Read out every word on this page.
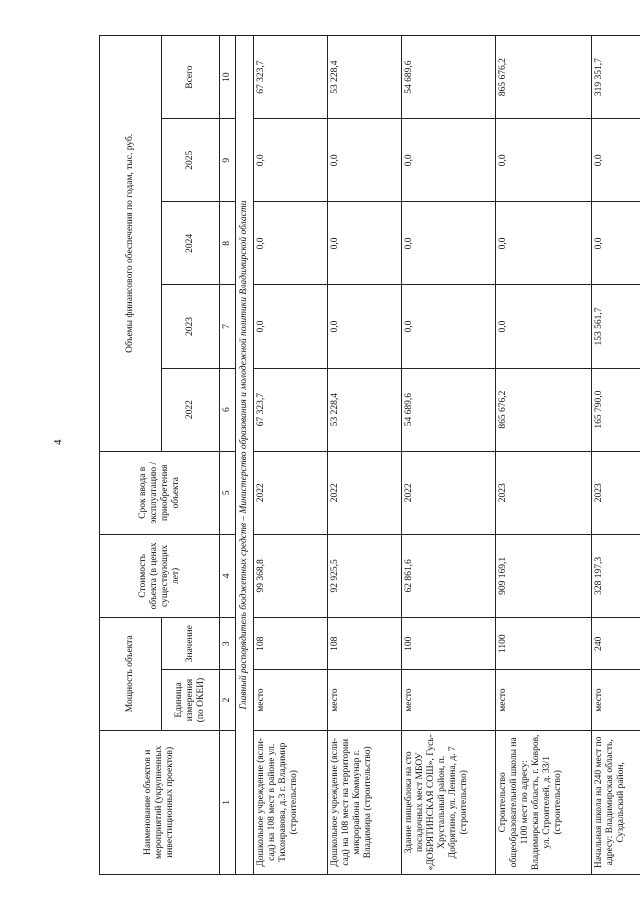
4
Наименование объектов и мероприятий (укрупненных инвестиционных проектов)	Мощность объекта		Стоимость объекта (в ценах существующих лет)	Срок ввода в эксплуатацию /приобретения объекта	Объемы финансового обеспечения по годам, тыс. руб.				
	Единица измерения (по ОКЕИ)	Значение			2022	2023	2024	2025	Всего
1	2	3	4	5	6	7	8	9	10
Главный распорядитель бюджетных средств – Министерство образования и молодежной политики Владимирской области									
Дошкольное учреждение (ясли-сад) на 108 мест в районе ул. Тихонравова, д.3 г. Владимир (строительство)	место	108	99 368,8	2022	67 323,7	0,0	0,0	0,0	67 323,7
Дошкольное учреждение (ясли-сад) на 108 мест на территории микрорайона Коммунар г. Владимира (строительство)	место	108	92 925,5	2022	53 228,4	0,0	0,0	0,0	53 228,4
Здание пищеблока на сто посадочных мест МБОУ «ДОБРЯТИНСКАЯ СОШ», Гусь-Хрустальный район, п. Добрятино, ул. Ленина, д. 7 (строительство)	место	100	62 861,6	2022	54 689,6	0,0	0,0	0,0	54 689,6
Строительство общеобразовательной школы на 1100 мест по адресу: Владимирская область, г. Ковров, ул. Строителей, д. 33/1 (строительство)	место	1100	909 169,1	2023	865 676,2	0,0	0,0	0,0	865 676,2
Начальная школа на 240 мест по адресу: Владимирская область, Суздальский район,	место	240	328 197,3	2023	165 790,0	153 561,7	0,0	0,0	319 351,7
